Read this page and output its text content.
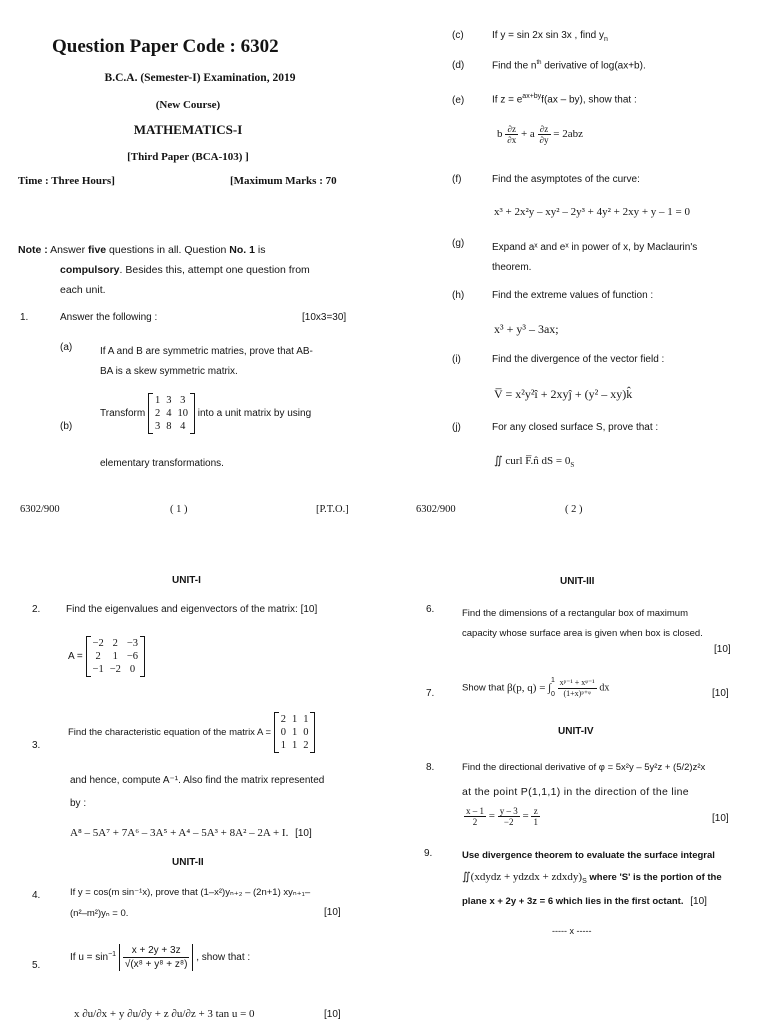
Question Paper Code : 6302
B.C.A. (Semester-I) Examination, 2019
(New Course)
MATHEMATICS-I
[Third Paper (BCA-103) ]
Time : Three Hours]	[Maximum Marks : 70
Note : Answer five questions in all. Question No. 1 is
compulsory. Besides this, attempt one question from
each unit.
1.	Answer the following :	[10x3=30]
(a)	If A and B are symmetric matries, prove that AB-
BA is a skew symmetric matrix.
(b)
Transform
1	3	3
2	4	10
3	8	4
into a unit matrix by using
elementary transformations.
6302/900	( 1 )	[P.T.O.]
(c)	If y = sin 2x sin 3x , find $y_n$
(d)	Find the $n^{th}$ derivative of log(ax+b).
(e)	If $z = e^{ax+by}f(ax - by)$, show that :
b $\frac{\partial z}{\partial x} + a \frac{\partial z}{\partial y} = 2abz$
(f)	Find the asymptotes of the curve:
x³ + 2x²y – xy² – 2y³ + 4y² + 2xy + y – 1 = 0
(g)	Expand aˣ and eˣ in power of x, by Maclaurin's
theorem.
(h)	Find the extreme values of function :
x³ + y³ – 3ax;
(i)	Find the divergence of the vector field :
V̅ = x²y²î + 2xyĵ + (y² – xy)k̂
(j)	For any closed surface S, prove that :
∬ curl F̅.n̂ dS = $0_S$
6302/900	( 2 )
UNIT-I
2.	Find the eigenvalues and eigenvectors of the matrix: [10]
A =
−2	2	−3
2	1	−6
−1	−2	0
3.
Find the characteristic equation of the matrix A =
2	1	1
0	1	0
1	1	2
and hence, compute A⁻¹. Also find the matrix represented
by :
A⁸ – 5A⁷ + 7A⁶ – 3A⁵ + A⁴ – 5A³ + 8A² – 2A + I. [10]
UNIT-II
4.	If y = cos(m sin⁻¹x), prove that (1–x²)yₙ₊₂ – (2n+1) xyₙ₊₁–
(n²–m²)yₙ = 0.	[10]
5.
If $u = \sin^{-1} \frac{x + 2y + 3z}{\text{√(x⁸ + y⁸ + z⁸)}}$ , show that :
x ∂u/∂x + y ∂u/∂y + z ∂u/∂z + 3 tan u = 0	[10]
UNIT-III
6.	Find the dimensions of a rectangular box of maximum
capacity whose surface area is given when box is closed.
[10]
7.	Show that β(p, q) = ∫
1
0
$\frac{\text{xᵖ⁻¹ + xᵠ⁻¹}}{\text{(1+x)ᵖ⁺ᵠ}}$ dx	[10]
UNIT-IV
8.	Find the directional derivative of φ = 5x²y – 5y²z + (5/2)z²x
at the point P(1,1,1) in the direction of the line
$\frac{x - 1}{2} = \frac{y - 3}{-2} = \frac{z}{1}$	[10]
9.	Use divergence theorem to evaluate the surface integral
∬(xdydz + ydzdx + $zdxdy)_S$ where 'S' is the portion of the
plane x + 2y + 3z = 6 which lies in the first octant. [10]
----- x -----
